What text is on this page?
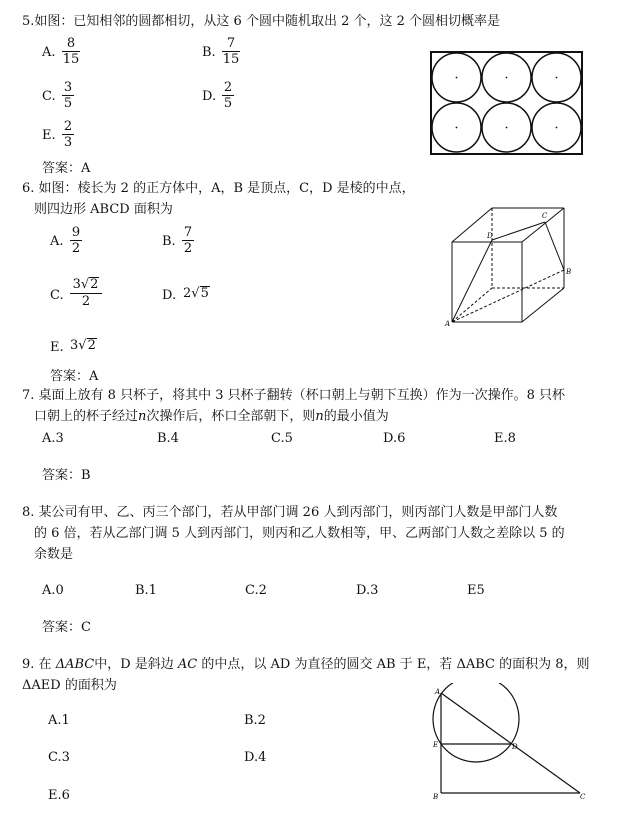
5.如图：已知相邻的圆都相切，从这 6 个圆中随机取出 2 个，这 2 个圆相切概率是
A. $\frac{8}{15}$	B. $\frac{7}{15}$
C. $\frac{3}{5}$	D. $\frac{2}{5}$
E. $\frac{2}{3}$
答案：A
6. 如图：棱长为 2 的正方体中，A，B 是顶点，C，D 是棱的中点，
则四边形 ABCD 面积为
A. $\frac{9}{2}$	B. $\frac{7}{2}$
C. $\frac{3√2}{2}$	D. 2√5
E. 3√2
答案：A
A
B
C
D
7. 桌面上放有 8 只杯子，将其中 3 只杯子翻转（杯口朝上与朝下互换）作为一次操作。8 只杯
口朝上的杯子经过n次操作后，杯口全部朝下，则n的最小值为
A.3	B.4	C.5	D.6	E.8
答案：B
8. 某公司有甲、乙、丙三个部门，若从甲部门调 26 人到丙部门，则丙部门人数是甲部门人数
的 6 倍，若从乙部门调 5 人到丙部门，则丙和乙人数相等，甲、乙两部门人数之差除以 5 的
余数是
A.0	B.1	C.2	D.3	E5
答案：C
9. 在 ΔABC中，D 是斜边 AC 的中点，以 AD 为直径的圆交 AB 于 E，若 ΔABC 的面积为 8，则
ΔAED 的面积为
A.1	B.2
C.3	D.4
E.6
A
E	D
B	C
